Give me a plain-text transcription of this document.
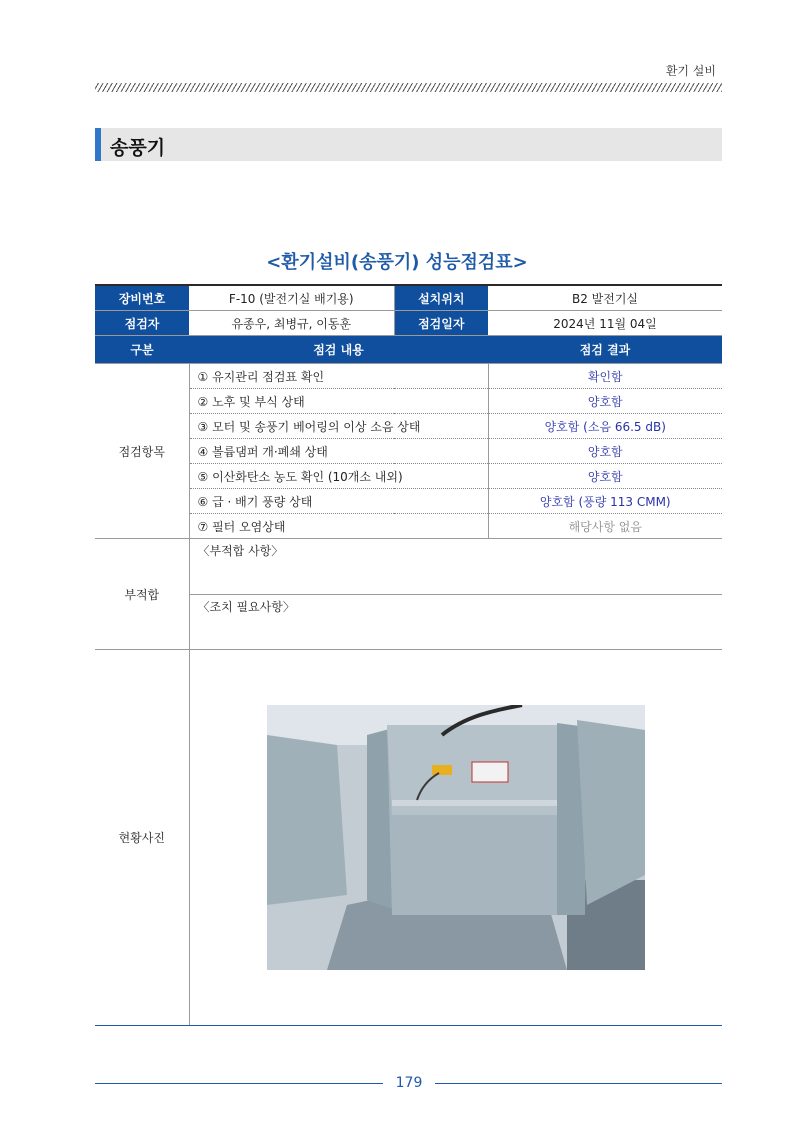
환기 설비
송풍기
<환기설비(송풍기) 성능점검표>
장비번호	F-10 (발전기실 배기용)	설치위치	B2 발전기실
점검자	유종우, 최병규, 이동훈	점검일자	2024년 11월 04일
구분	점검 내용		점검 결과
점검항목	① 유지관리 점검표 확인		확인함
	② 노후 및 부식 상태		양호함
	③ 모터 및 송풍기 베어링의 이상 소음 상태		양호함 (소음 66.5 dB)
	④ 볼륨댐퍼 개·폐쇄 상태		양호함
	⑤ 이산화탄소 농도 확인 (10개소 내외)		양호함
	⑥ 급 · 배기 풍량 상태		양호함 (풍량 113 CMM)
	⑦ 필터 오염상태		해당사항 없음
부적합	〈부적합 사항〉		
	〈조치 필요사항〉		
현황사진	
179
